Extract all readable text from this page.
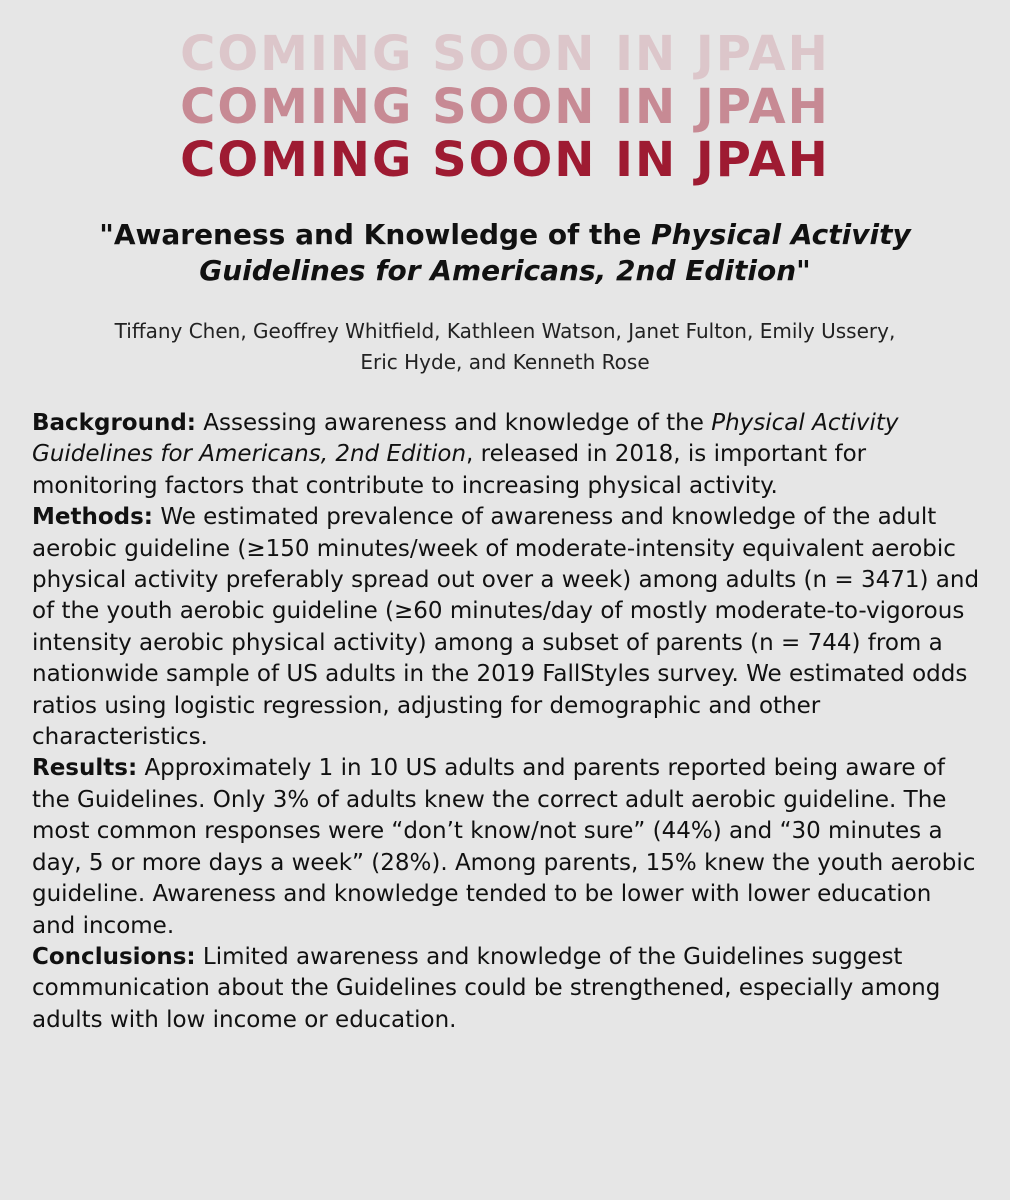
COMING SOON IN JPAH
COMING SOON IN JPAH
COMING SOON IN JPAH
"Awareness and Knowledge of the Physical Activity Guidelines for Americans, 2nd Edition"
Tiffany Chen, Geoffrey Whitfield, Kathleen Watson, Janet Fulton, Emily Ussery,
Eric Hyde, and Kenneth Rose

Background: Assessing awareness and knowledge of the Physical Activity Guidelines for Americans, 2nd Edition, released in 2018, is important for monitoring factors that contribute to increasing physical activity.

Methods: We estimated prevalence of awareness and knowledge of the adult aerobic guideline (≥150 minutes/week of moderate-intensity equivalent aerobic physical activity preferably spread out over a week) among adults (n = 3471) and of the youth aerobic guideline (≥60 minutes/day of mostly moderate-to-vigorous intensity aerobic physical activity) among a subset of parents (n = 744) from a nationwide sample of US adults in the 2019 FallStyles survey. We estimated odds ratios using logistic regression, adjusting for demographic and other characteristics.

Results: Approximately 1 in 10 US adults and parents reported being aware of the Guidelines. Only 3% of adults knew the correct adult aerobic guideline. The most common responses were “don’t know/not sure” (44%) and “30 minutes a day, 5 or more days a week” (28%). Among parents, 15% knew the youth aerobic guideline. Awareness and knowledge tended to be lower with lower education and income.

Conclusions: Limited awareness and knowledge of the Guidelines suggest communication about the Guidelines could be strengthened, especially among adults with low income or education.
